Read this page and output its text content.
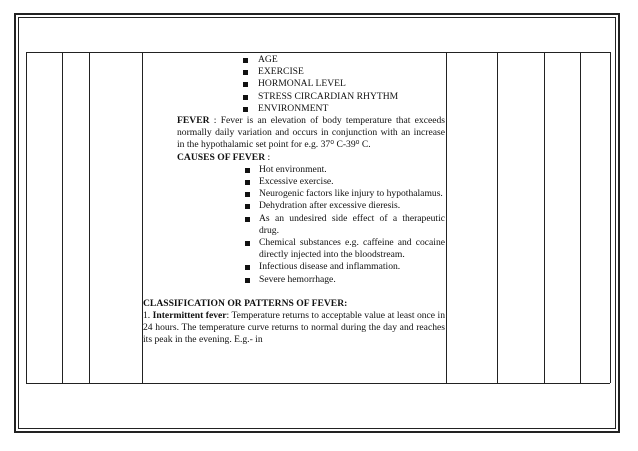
AGE
EXERCISE
HORMONAL LEVEL
STRESS CIRCARDIAN RHYTHM
ENVIRONMENT

FEVER : Fever is an elevation of body temperature that exceeds normally daily variation and occurs in conjunction with an increase in the hypothalamic set point for e.g. 37⁰ C-39⁰ C.

CAUSES OF FEVER :
Hot environment.
Excessive exercise.
Neurogenic factors like injury to hypothalamus.
Dehydration after excessive dieresis.
As an undesired side effect of a therapeutic drug.
Chemical substances e.g. caffeine and cocaine directly injected into the bloodstream.
Infectious disease and inflammation.
Severe hemorrhage.

CLASSIFICATION OR PATTERNS OF FEVER:

1. Intermittent fever: Temperature returns to acceptable value at least once in 24 hours. The temperature curve returns to normal during the day and reaches its peak in the evening. E.g.- in
